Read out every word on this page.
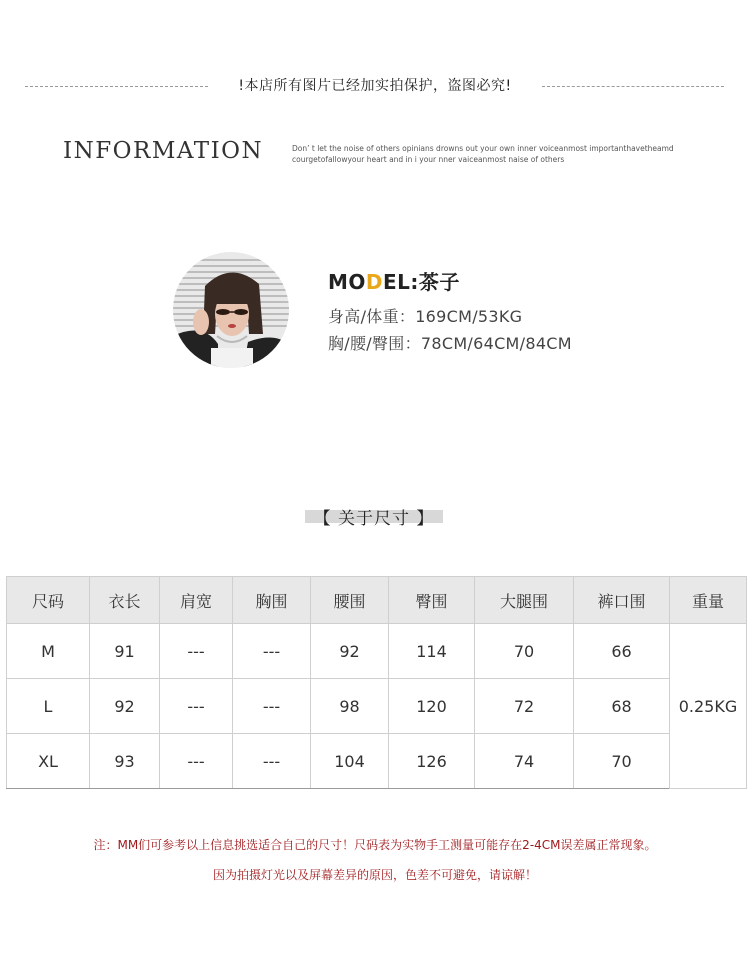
!本店所有图片已经加实拍保护，盗图必究!
INFORMATION	Don’ t let the noise of others opinians drowns out your own inner voiceanmost importanthavetheamd
courgetofallowyour heart and in i your nner vaiceanmost naise of others
MODEL:茶子
身高/体重：169CM/53KG
胸/腰/臀围：78CM/64CM/84CM
【 关于尺寸 】
尺码	衣长	肩宽	胸围	腰围	臀围	大腿围	裤口围	重量
M	91	---	---	92	114	70	66	0.25KG
L	92	---	---	98	120	72	68	
XL	93	---	---	104	126	74	70	
注：MM们可参考以上信息挑选适合自己的尺寸！尺码表为实物手工测量可能存在2-4CM误差属正常现象。
因为拍摄灯光以及屏幕差异的原因，色差不可避免，请谅解！
